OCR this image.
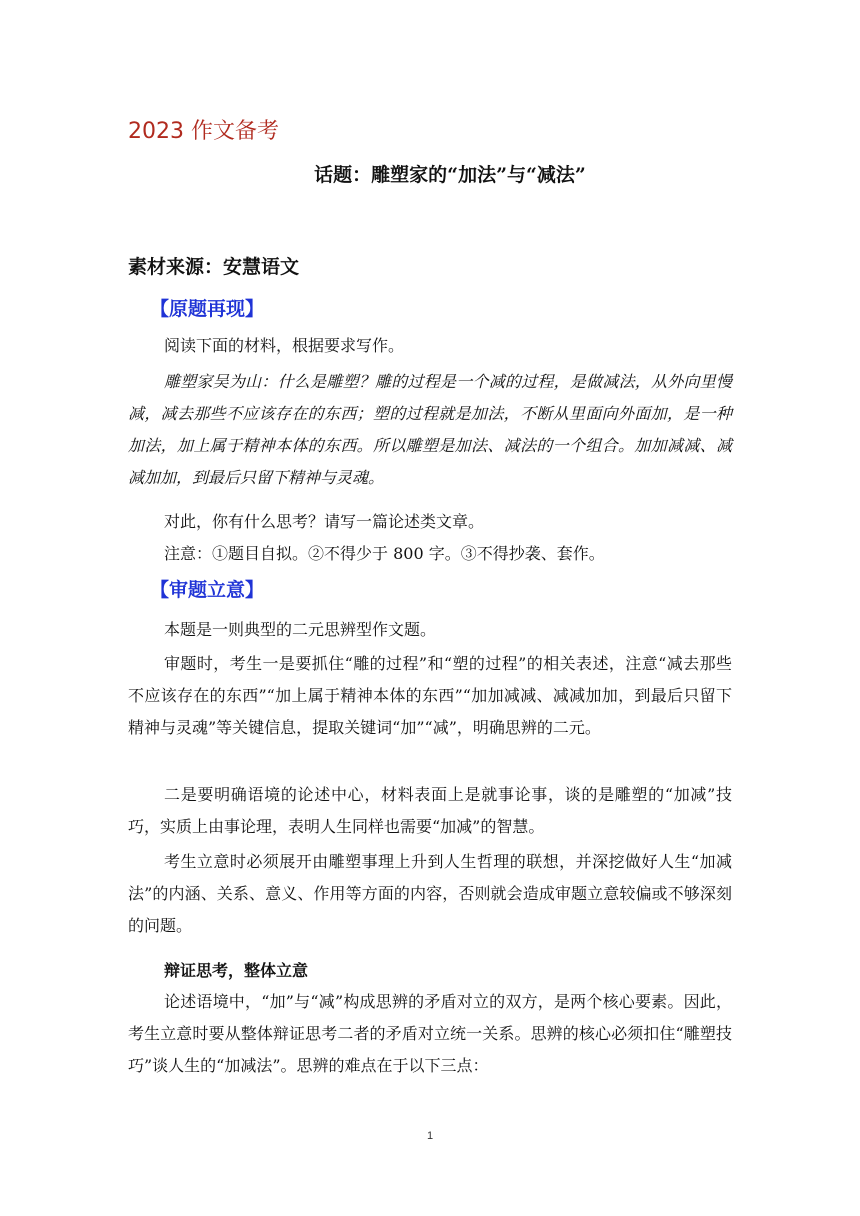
2023 作文备考
话题：雕塑家的“加法”与“减法”
素材来源：安慧语文
【原题再现】

阅读下面的材料，根据要求写作。

雕塑家吴为山：什么是雕塑？雕的过程是一个减的过程，是做减法，从外向里慢减，减去那些不应该存在的东西；塑的过程就是加法，不断从里面向外面加，是一种加法，加上属于精神本体的东西。所以雕塑是加法、减法的一个组合。加加减减、减减加加，到最后只留下精神与灵魂。

对此，你有什么思考？请写一篇论述类文章。

注意：①题目自拟。②不得少于 800 字。③不得抄袭、套作。

【审题立意】

本题是一则典型的二元思辨型作文题。

审题时，考生一是要抓住“雕的过程”和“塑的过程”的相关表述，注意“减去那些不应该存在的东西”“加上属于精神本体的东西”“加加减减、减减加加，到最后只留下精神与灵魂”等关键信息，提取关键词“加”“减”，明确思辨的二元。

二是要明确语境的论述中心，材料表面上是就事论事，谈的是雕塑的“加减”技巧，实质上由事论理，表明人生同样也需要“加减”的智慧。

考生立意时必须展开由雕塑事理上升到人生哲理的联想，并深挖做好人生“加减法”的内涵、关系、意义、作用等方面的内容，否则就会造成审题立意较偏或不够深刻的问题。

辩证思考，整体立意

论述语境中，“加”与“减”构成思辨的矛盾对立的双方，是两个核心要素。因此，考生立意时要从整体辩证思考二者的矛盾对立统一关系。思辨的核心必须扣住“雕塑技巧”谈人生的“加减法”。思辨的难点在于以下三点：

1
